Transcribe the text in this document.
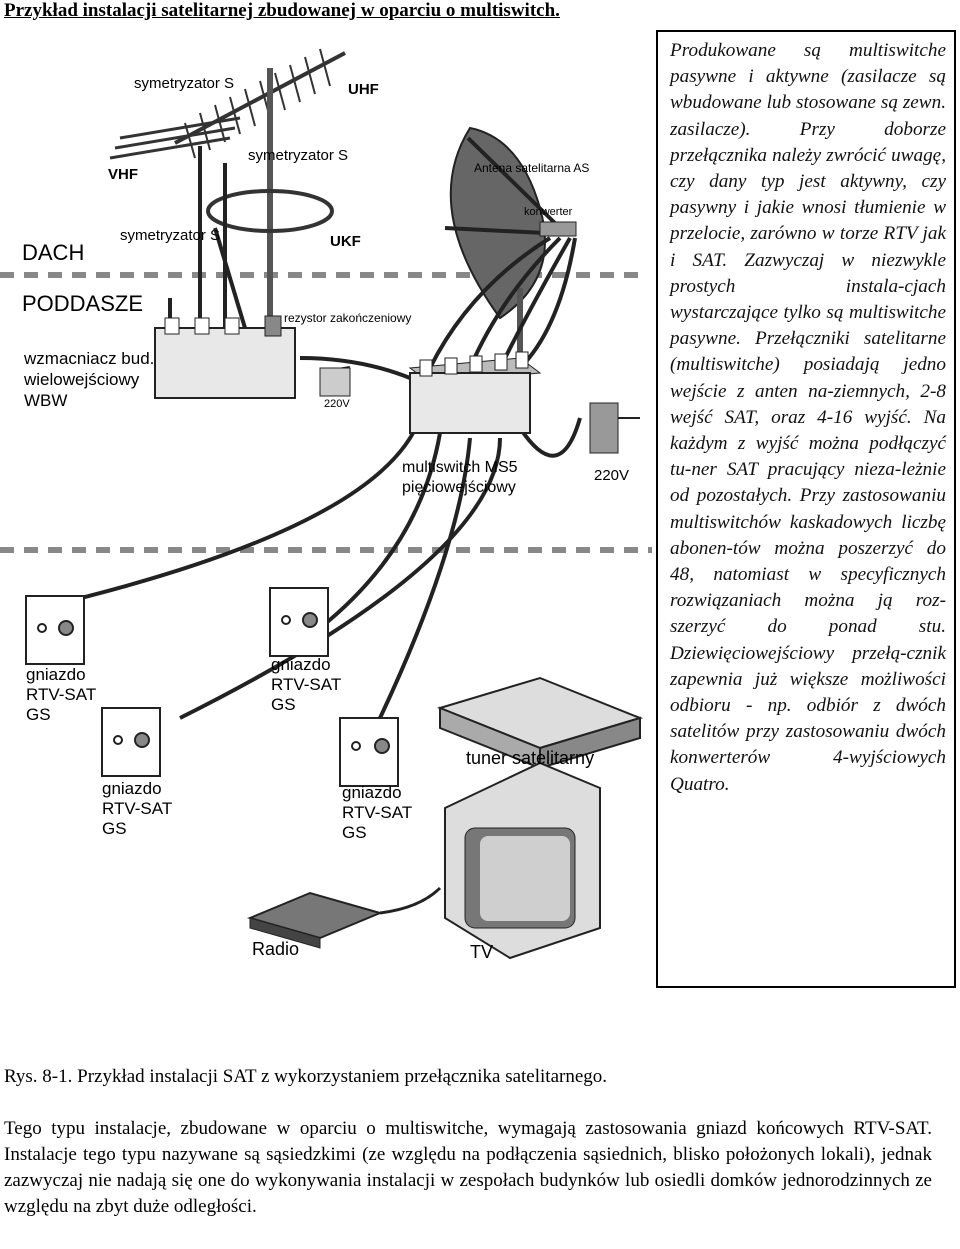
Przykład instalacji satelitarnej zbudowanej w oparciu o multiswitch.
symetryzator S	UHF
symetryzator S
VHF	Antena satelitarna AS
konwerter
symetryzator S	UKF
DACH
PODDASZE
rezystor zakończeniowy
wzmacniacz bud.
wielowejściowy
WBW	220V
multiswitch MS5
pięciowejściowy
220V
gniazdo
RTV-SAT
GS
gniazdo
RTV-SAT
GS
gniazdo
RTV-SAT
GS
gniazdo
RTV-SAT
GS
tuner satelitarny
Radio	TV

Produkowane są multiswitche pasywne i aktywne (zasilacze są wbudowane lub stosowane są zewn. zasilacze). Przy doborze przełącznika należy zwrócić uwagę, czy dany typ jest aktywny, czy pasywny i jakie wnosi tłumienie w przelocie, zarówno w torze RTV jak i SAT. Zazwyczaj w niezwykle prostych instala-cjach wystarczające tylko są multiswitche pasywne. Przełączniki satelitarne (multiswitche) posiadają jedno wejście z anten na-ziemnych, 2-8 wejść SAT, oraz 4-16 wyjść. Na każdym z wyjść można podłączyć tu-ner SAT pracujący nieza-leżnie od pozostałych. Przy zastosowaniu multiswitchów kaskadowych liczbę abonen-tów można poszerzyć do 48, natomiast w specyficznych rozwiązaniach można ją roz-szerzyć do ponad stu. Dziewięciowejściowy przełą-cznik zapewnia już większe możliwości odbioru - np. odbiór z dwóch satelitów przy zastosowaniu dwóch konwerterów 4-wyjściowych Quatro.

Rys. 8-1. Przykład instalacji SAT z wykorzystaniem przełącznika satelitarnego.

Tego typu instalacje, zbudowane w oparciu o multiswitche, wymagają zastosowania gniazd końcowych RTV-SAT. Instalacje tego typu nazywane są sąsiedzkimi (ze względu na podłączenia sąsiednich, blisko położonych lokali), jednak zazwyczaj nie nadają się one do wykonywania instalacji w zespołach budynków lub osiedli domków jednorodzinnych ze względu na zbyt duże odległości.
